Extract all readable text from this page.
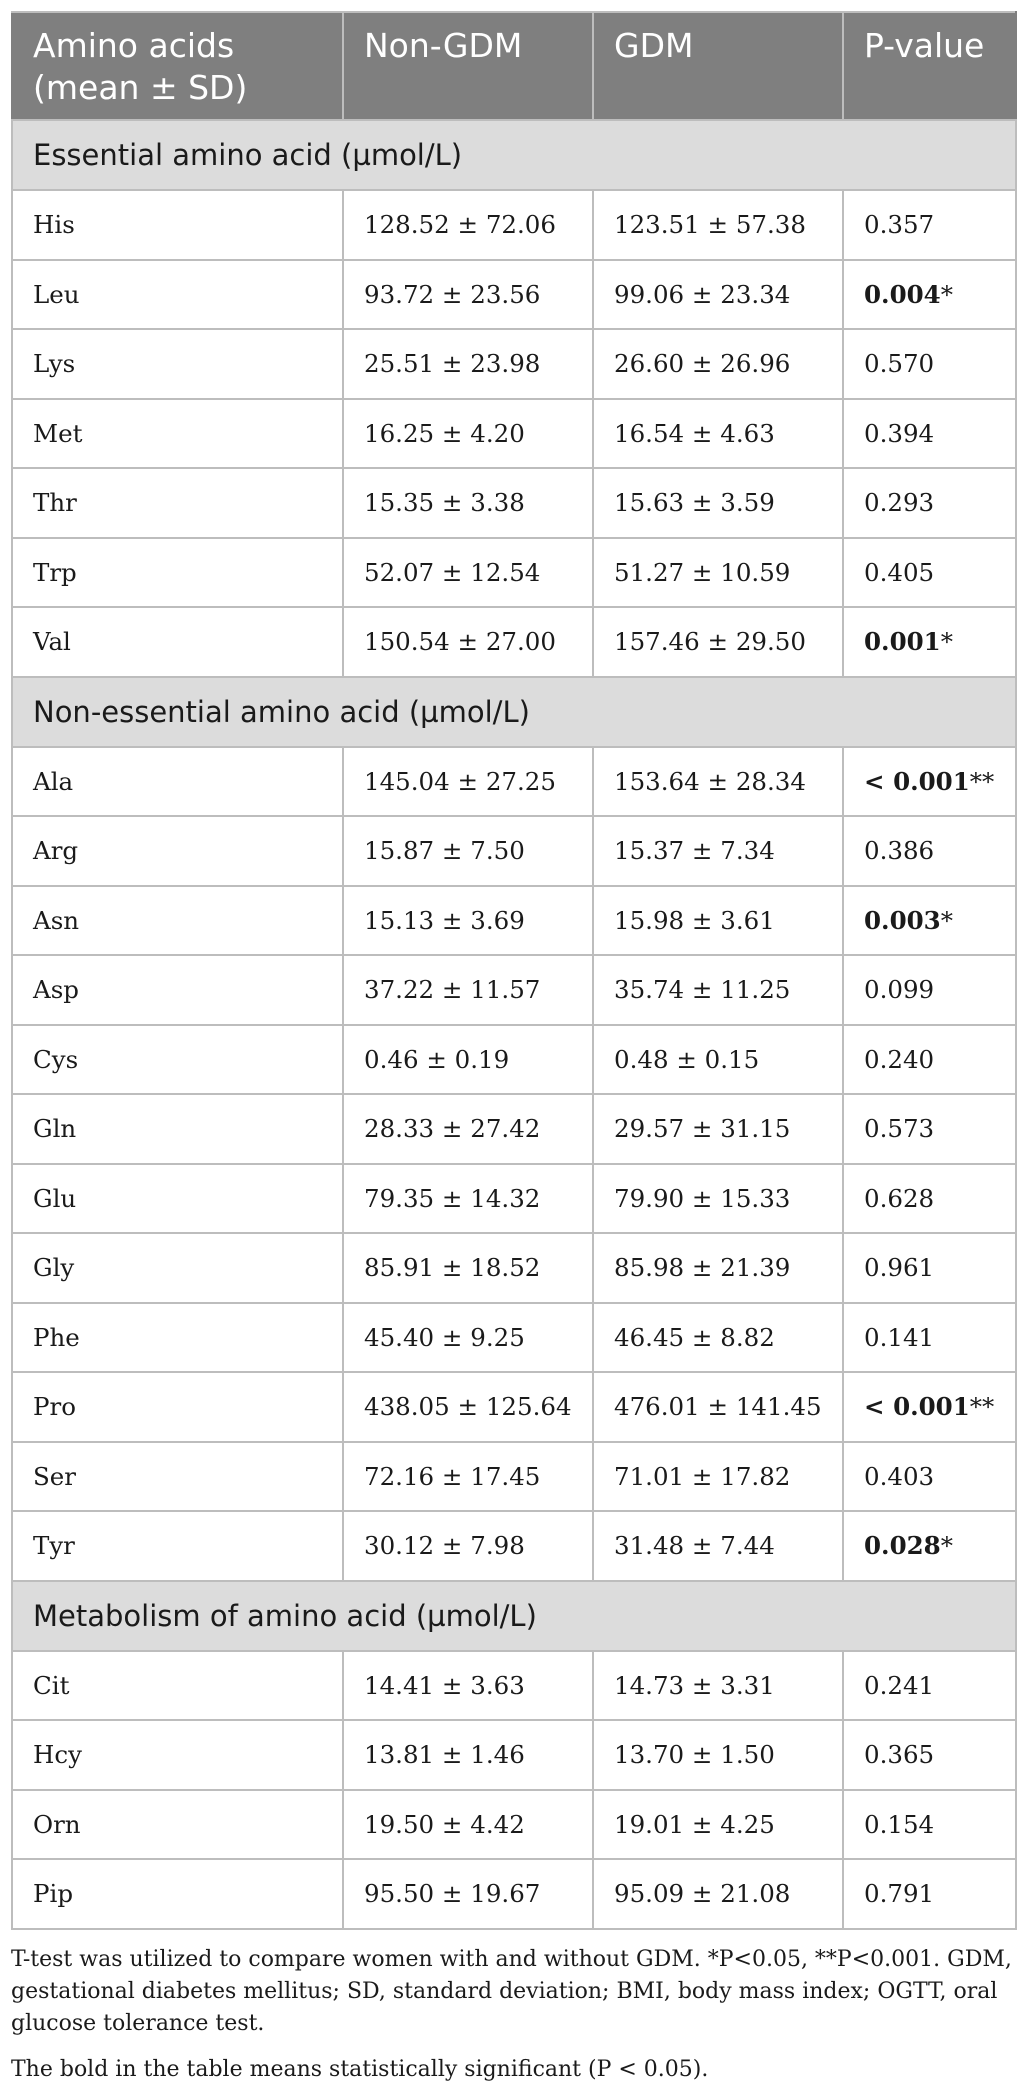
Amino acids (mean ± SD)	Non-GDM	GDM	P-value
Essential amino acid (µmol/L)			
His	128.52 ± 72.06	123.51 ± 57.38	0.357
Leu	93.72 ± 23.56	99.06 ± 23.34	0.004*
Lys	25.51 ± 23.98	26.60 ± 26.96	0.570
Met	16.25 ± 4.20	16.54 ± 4.63	0.394
Thr	15.35 ± 3.38	15.63 ± 3.59	0.293
Trp	52.07 ± 12.54	51.27 ± 10.59	0.405
Val	150.54 ± 27.00	157.46 ± 29.50	0.001*
Non-essential amino acid (µmol/L)			
Ala	145.04 ± 27.25	153.64 ± 28.34	< 0.001**
Arg	15.87 ± 7.50	15.37 ± 7.34	0.386
Asn	15.13 ± 3.69	15.98 ± 3.61	0.003*
Asp	37.22 ± 11.57	35.74 ± 11.25	0.099
Cys	0.46 ± 0.19	0.48 ± 0.15	0.240
Gln	28.33 ± 27.42	29.57 ± 31.15	0.573
Glu	79.35 ± 14.32	79.90 ± 15.33	0.628
Gly	85.91 ± 18.52	85.98 ± 21.39	0.961
Phe	45.40 ± 9.25	46.45 ± 8.82	0.141
Pro	438.05 ± 125.64	476.01 ± 141.45	< 0.001**
Ser	72.16 ± 17.45	71.01 ± 17.82	0.403
Tyr	30.12 ± 7.98	31.48 ± 7.44	0.028*
Metabolism of amino acid (µmol/L)			
Cit	14.41 ± 3.63	14.73 ± 3.31	0.241
Hcy	13.81 ± 1.46	13.70 ± 1.50	0.365
Orn	19.50 ± 4.42	19.01 ± 4.25	0.154
Pip	95.50 ± 19.67	95.09 ± 21.08	0.791
T-test was utilized to compare women with and without GDM. *P<0.05, **P<0.001. GDM, gestational diabetes mellitus; SD, standard deviation; BMI, body mass index; OGTT, oral glucose tolerance test.
The bold in the table means statistically significant (P < 0.05).
